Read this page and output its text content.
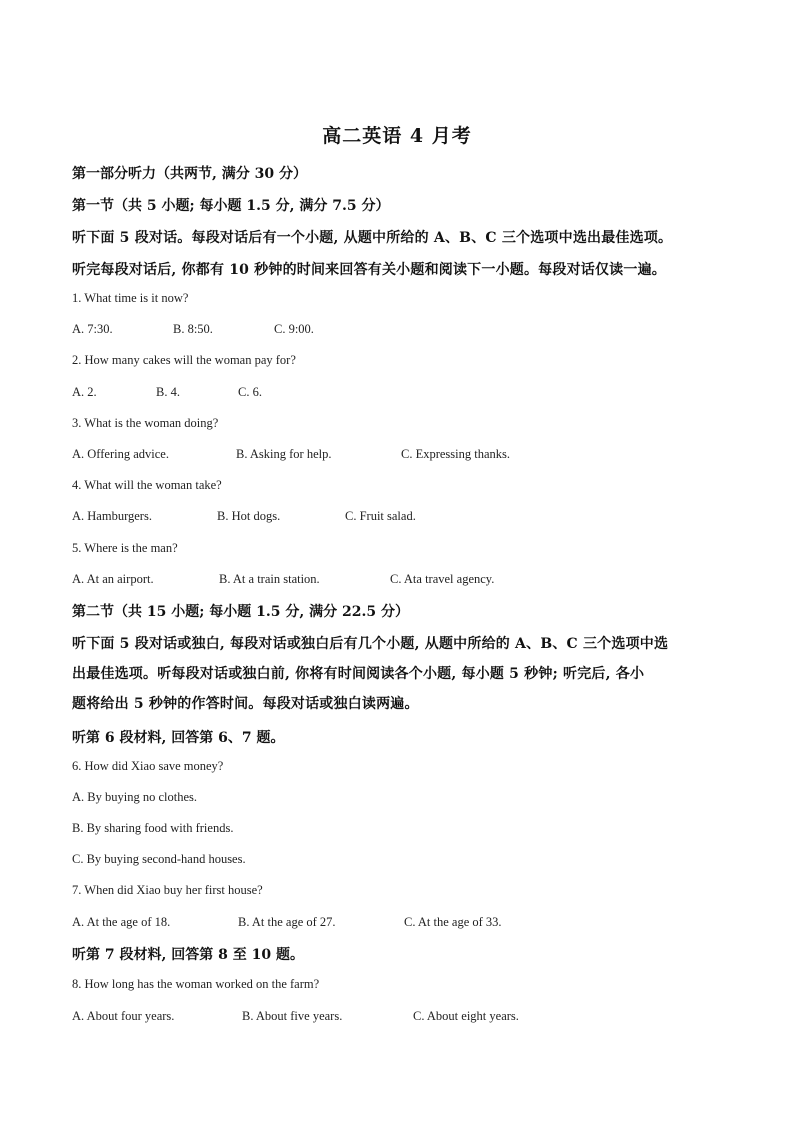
高二英语 4 月考
第一部分听力（共两节, 满分 30 分）
第一节（共 5 小题; 每小题 1.5 分, 满分 7.5 分）
听下面 5 段对话。每段对话后有一个小题, 从题中所给的 A、B、C 三个选项中选出最佳选项。
听完每段对话后, 你都有 10 秒钟的时间来回答有关小题和阅读下一小题。每段对话仅读一遍。
1. What time is it now?
A. 7:30.	B. 8:50.	C. 9:00.
2. How many cakes will the woman pay for?
A. 2.	B. 4.	C. 6.
3. What is the woman doing?
A. Offering advice.	B. Asking for help.	C. Expressing thanks.
4. What will the woman take?
A. Hamburgers.	B. Hot dogs.	C. Fruit salad.
5. Where is the man?
A. At an airport.	B. At a train station.	C. Ata travel agency.
第二节（共 15 小题; 每小题 1.5 分, 满分 22.5 分）
听下面 5 段对话或独白, 每段对话或独白后有几个小题, 从题中所给的 A、B、C 三个选项中选
出最佳选项。听每段对话或独白前, 你将有时间阅读各个小题, 每小题 5 秒钟; 听完后, 各小
题将给出 5 秒钟的作答时间。每段对话或独白读两遍。
听第 6 段材料, 回答第 6、7 题。
6. How did Xiao save money?
A. By buying no clothes.
B. By sharing food with friends.
C. By buying second-hand houses.
7. When did Xiao buy her first house?
A. At the age of 18.	B. At the age of 27.	C. At the age of 33.
听第 7 段材料, 回答第 8 至 10 题。
8. How long has the woman worked on the farm?
A. About four years.	B. About five years.	C. About eight years.
